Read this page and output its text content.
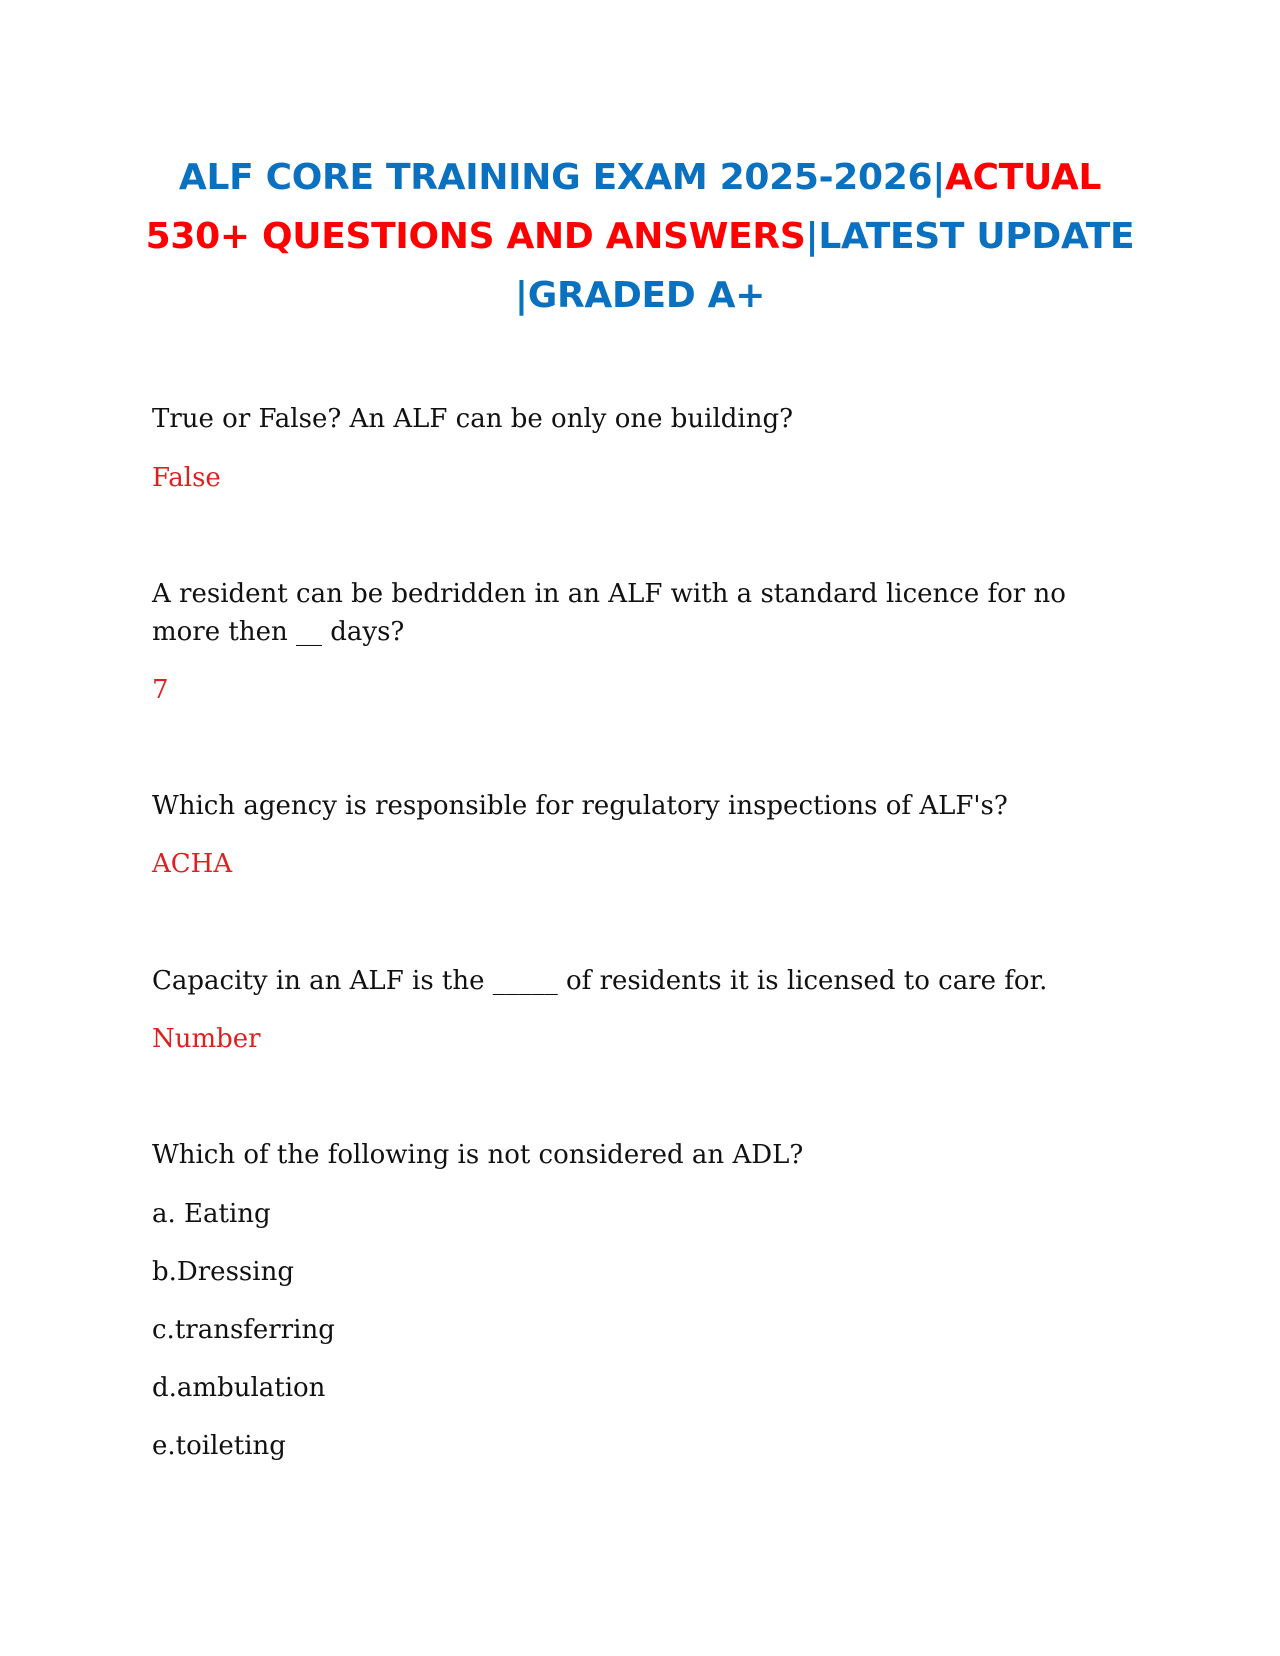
ALF CORE TRAINING EXAM 2025-2026|ACTUAL
530+ QUESTIONS AND ANSWERS|LATEST UPDATE
|GRADED A+

True or False? An ALF can be only one building?

False

A resident can be bedridden in an ALF with a standard licence for no more then __ days?

7

Which agency is responsible for regulatory inspections of ALF's?

ACHA

Capacity in an ALF is the _____ of residents it is licensed to care for.

Number

Which of the following is not considered an ADL?

a. Eating

b.Dressing

c.transferring

d.ambulation

e.toileting
